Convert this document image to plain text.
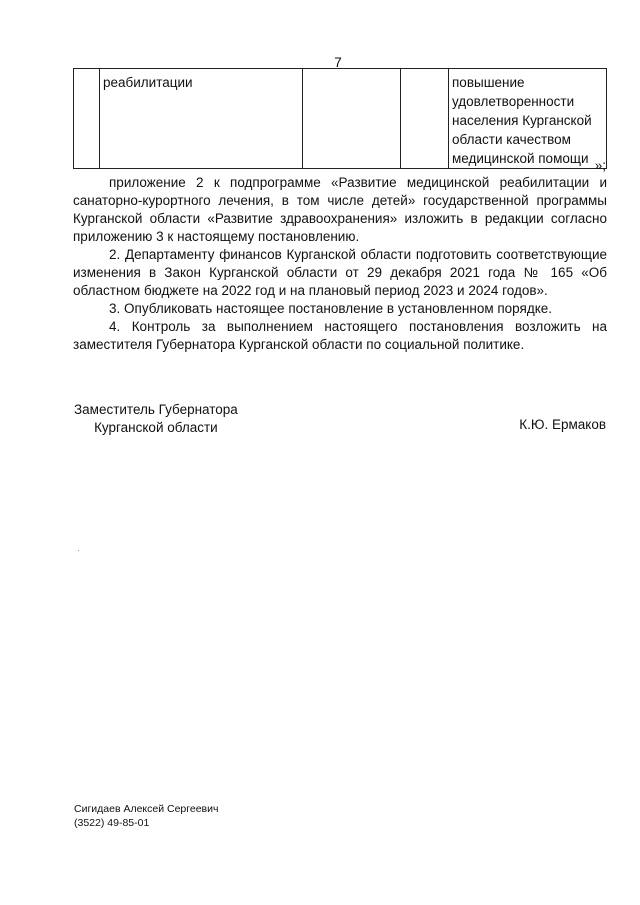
7
	реабилитации			повышение удовлетворенности населения Курганской области качеством медицинской помощи »;

приложение 2 к подпрограмме «Развитие медицинской реабилитации и санаторно-курортного лечения, в том числе детей» государственной программы Курганской области «Развитие здравоохранения» изложить в редакции согласно приложению 3 к настоящему постановлению.

2. Департаменту финансов Курганской области подготовить соответствующие изменения в Закон Курганской области от 29 декабря 2021 года № 165 «Об областном бюджете на 2022 год и на плановый период 2023 и 2024 годов».

3. Опубликовать настоящее постановление в установленном порядке.

4. Контроль за выполнением настоящего постановления возложить на заместителя Губернатора Курганской области по социальной политике.

Заместитель Губернатора
Курганской области	К.Ю. Ермаков
Сигидаев Алексей Сергеевич
(3522) 49-85-01
